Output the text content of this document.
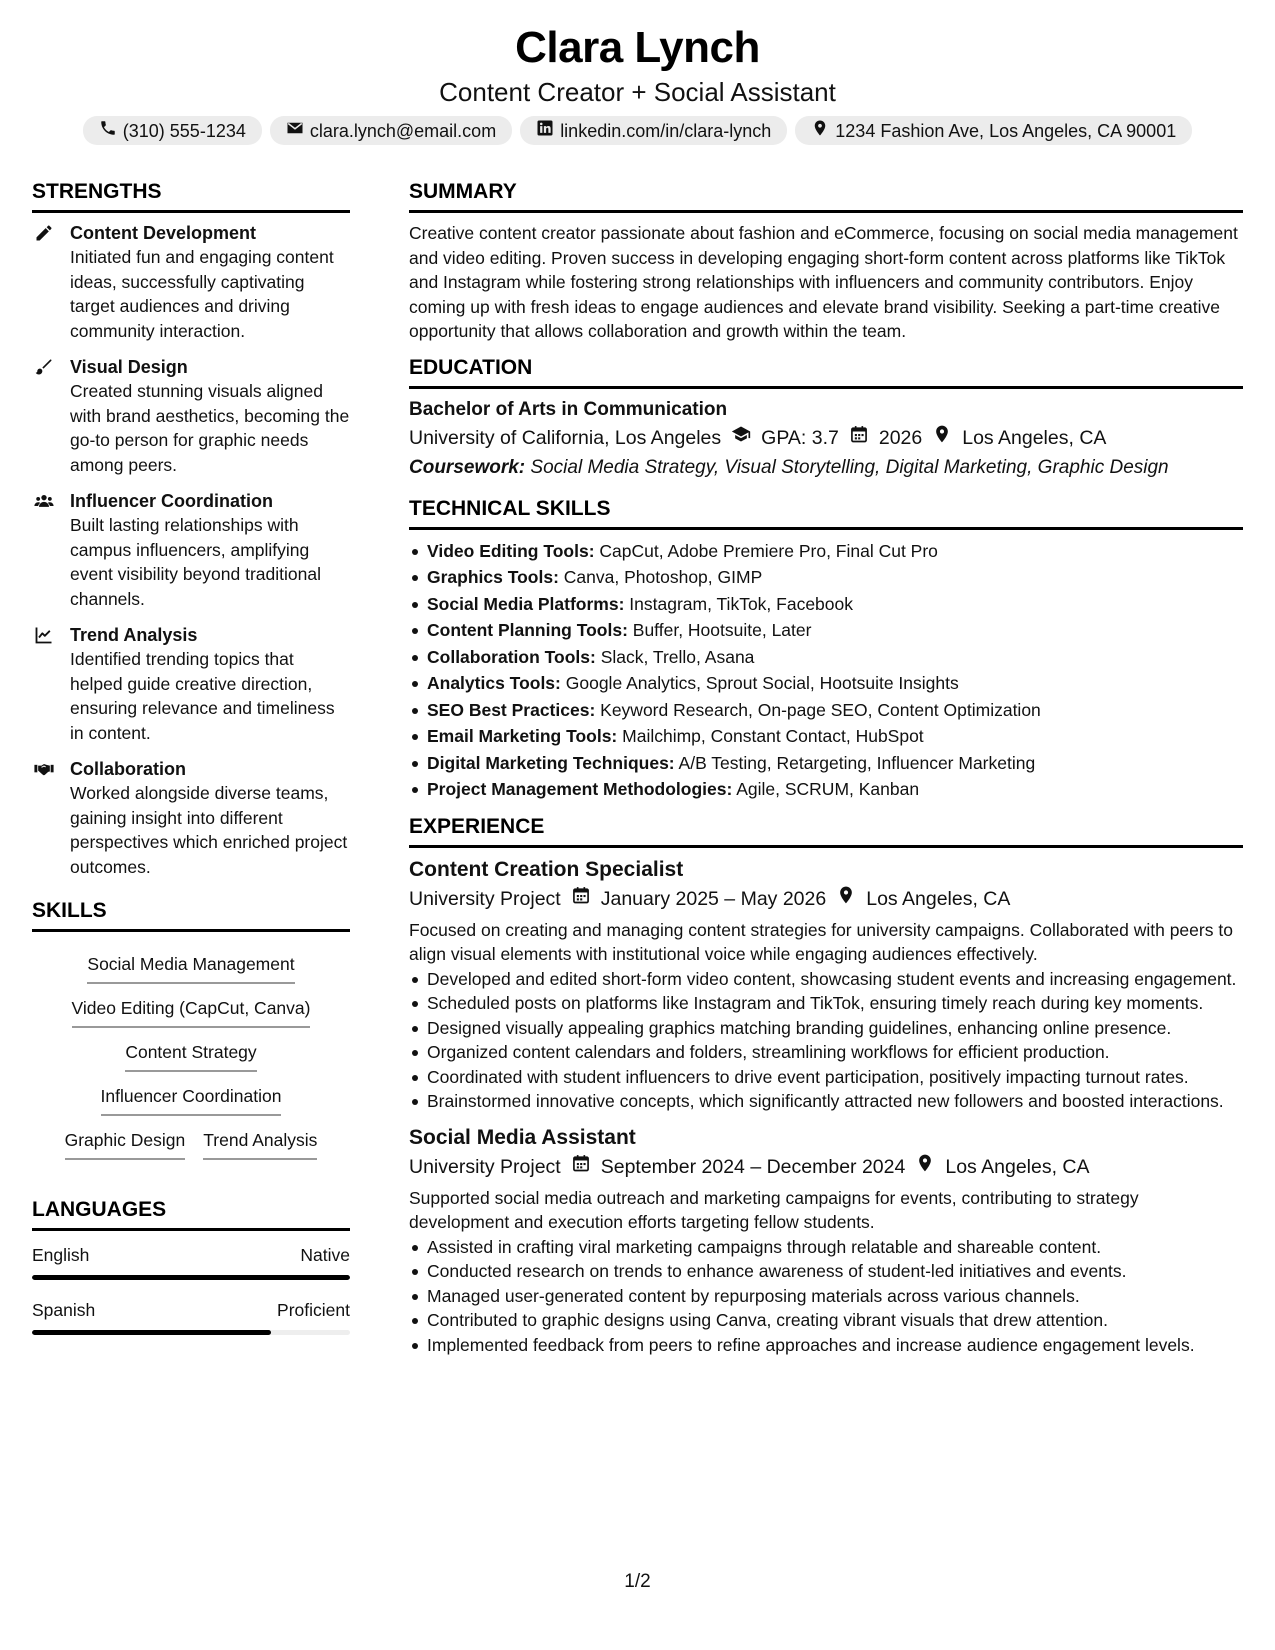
Clara Lynch
Content Creator + Social Assistant
(310) 555-1234	clara.lynch@email.com	linkedin.com/in/clara-lynch	1234 Fashion Ave, Los Angeles, CA 90001
STRENGTHS
Content Development
Initiated fun and engaging content ideas, successfully captivating target audiences and driving community interaction.
Visual Design
Created stunning visuals aligned with brand aesthetics, becoming the go-to person for graphic needs among peers.
Influencer Coordination
Built lasting relationships with campus influencers, amplifying event visibility beyond traditional channels.
Trend Analysis
Identified trending topics that helped guide creative direction, ensuring relevance and timeliness in content.
Collaboration
Worked alongside diverse teams, gaining insight into different perspectives which enriched project outcomes.
SKILLS
Social Media Management
Video Editing (CapCut, Canva)
Content Strategy
Influencer Coordination
Graphic Design Trend Analysis
LANGUAGES
English	Native
Spanish	Proficient
SUMMARY
Creative content creator passionate about fashion and eCommerce, focusing on social media management and video editing. Proven success in developing engaging short-form content across platforms like TikTok and Instagram while fostering strong relationships with influencers and community contributors. Enjoy coming up with fresh ideas to engage audiences and elevate brand visibility. Seeking a part-time creative opportunity that allows collaboration and growth within the team.
EDUCATION
Bachelor of Arts in Communication
University of California, Los Angeles GPA: 3.7 2026 Los Angeles, CA
Coursework: Social Media Strategy, Visual Storytelling, Digital Marketing, Graphic Design
TECHNICAL SKILLS
Video Editing Tools: CapCut, Adobe Premiere Pro, Final Cut Pro
Graphics Tools: Canva, Photoshop, GIMP
Social Media Platforms: Instagram, TikTok, Facebook
Content Planning Tools: Buffer, Hootsuite, Later
Collaboration Tools: Slack, Trello, Asana
Analytics Tools: Google Analytics, Sprout Social, Hootsuite Insights
SEO Best Practices: Keyword Research, On-page SEO, Content Optimization
Email Marketing Tools: Mailchimp, Constant Contact, HubSpot
Digital Marketing Techniques: A/B Testing, Retargeting, Influencer Marketing
Project Management Methodologies: Agile, SCRUM, Kanban
EXPERIENCE
Content Creation Specialist
University Project January 2025 – May 2026 Los Angeles, CA
Focused on creating and managing content strategies for university campaigns. Collaborated with peers to align visual elements with institutional voice while engaging audiences effectively.
Developed and edited short-form video content, showcasing student events and increasing engagement.
Scheduled posts on platforms like Instagram and TikTok, ensuring timely reach during key moments.
Designed visually appealing graphics matching branding guidelines, enhancing online presence.
Organized content calendars and folders, streamlining workflows for efficient production.
Coordinated with student influencers to drive event participation, positively impacting turnout rates.
Brainstormed innovative concepts, which significantly attracted new followers and boosted interactions.
Social Media Assistant
University Project September 2024 – December 2024 Los Angeles, CA
Supported social media outreach and marketing campaigns for events, contributing to strategy development and execution efforts targeting fellow students.
Assisted in crafting viral marketing campaigns through relatable and shareable content.
Conducted research on trends to enhance awareness of student-led initiatives and events.
Managed user-generated content by repurposing materials across various channels.
Contributed to graphic designs using Canva, creating vibrant visuals that drew attention.
Implemented feedback from peers to refine approaches and increase audience engagement levels.
1/2
